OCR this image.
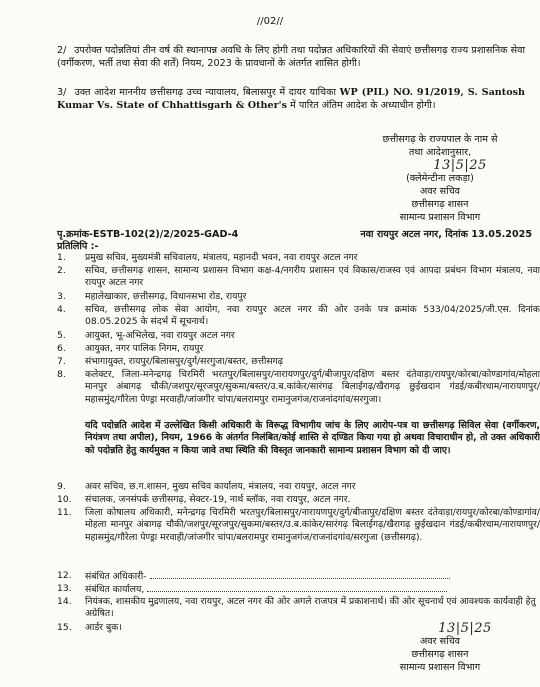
//02//
2/ उपरोक्त पदोन्नतियां तीन वर्ष की स्थानापन्न अवधि के लिए होगी तथा पदोन्नत अधिकारियों की सेवाएं छत्तीसगढ़ राज्य प्रशासनिक सेवा (वर्गीकरण, भर्ती तथा सेवा की शर्तें) नियम, 2023 के प्रावधानों के अंतर्गत शासित होगी।
3/ उक्त आदेश माननीय छत्तीसगढ़ उच्च न्यायालय, बिलासपुर में दायर याचिका WP (PIL) NO. 91/2019, S. Santosh Kumar Vs. State of Chhattisgarh & Other's में पारित अंतिम आदेश के अध्याधीन होगी।
छत्तीसगढ़ के राज्यपाल के नाम से
तथा आदेशानुसार,
13|5|25
(क्लेमेन्टीना लकड़ा)
अवर सचिव
छत्तीसगढ़ शासन
सामान्य प्रशासन विभाग
पृ.क्रमांक-ESTB-102(2)/2/2025-GAD-4	नवा रायपुर अटल नगर, दिनांक 13.05.2025
प्रतिलिपि :-
1.	प्रमुख सचिव, मुख्यमंत्री सचिवालय, मंत्रालय, महानदी भवन, नवा रायपुर अटल नगर
2.	सचिव, छत्तीसगढ़ शासन, सामान्य प्रशासन विभाग कक्ष-4/नगरीय प्रशासन एवं विकास/राजस्व एवं आपदा प्रबंधन विभाग मंत्रालय, नवा रायपुर अटल नगर
3.	महालेखाकार, छत्तीसगढ़, विधानसभा रोड, रायपुर
4.	सचिव, छत्तीसगढ़ लोक सेवा आयोग, नवा रायपुर अटल नगर की ओर उनके पत्र क्रमांक 533/04/2025/जी.एस. दिनांक 08.05.2025 के संदर्भ में सूचनार्थ।
5.	आयुक्त, भू-अभिलेख, नवा रायपुर अटल नगर
6.	आयुक्त, नगर पालिक निगम, रायपुर
7.	संभागायुक्त, रायपुर/बिलासपुर/दुर्ग/सरगुजा/बस्तर, छत्तीसगढ़
8.	कलेक्टर, जिला-मनेन्द्रगढ़ चिरमिरी भरतपुर/बिलासपुर/नारायणपुर/दुर्ग/बीजापुर/दक्षिण बस्तर दंतेवाड़ा/रायपुर/कोरबा/कोण्डागांव/मोहला मानपुर अंबागढ़ चौकी/जशपुर/सूरजपुर/सुकमा/बस्तर/उ.ब.कांकेर/सारंगढ़ बिलाईगढ़/खैरागढ़ छुईखदान गंडई/कबीरधाम/नारायणपुर/महासमुंद/गौरेला पेण्ड्रा मरवाही/जांजगीर चांपा/बलरामपुर रामानुजगंज/राजनांदगांव/सरगुजा।
यदि पदोन्नति आदेश में उल्लेखित किसी अधिकारी के विरूद्ध विभागीय जांच के लिए आरोप-पत्र या छत्तीसगढ़ सिविल सेवा (वर्गीकरण, नियंत्रण तथा अपील), नियम, 1966 के अंतर्गत निलंबित/कोई शास्ति से दण्डित किया गया हो अथवा विचाराधीन हो, तो उक्त अधिकारी को पदोन्नति हेतु कार्यमुक्त न किया जावे तथा स्थिति की विस्तृत जानकारी सामान्य प्रशासन विभाग को दी जाए।
9.	अवर सचिव, छ.ग.शासन, मुख्य सचिव कार्यालय, मंत्रालय, नवा रायपुर, अटल नगर
10.	संचालक, जनसंपर्क छत्तीसगढ़, सेक्टर-19, नार्थ ब्लॉक, नवा रायपुर, अटल नगर.
11.	जिला कोषालय अधिकारी, मनेन्द्रगढ़ चिरमिरी भरतपुर/बिलासपुर/नारायणपुर/दुर्ग/बीजापुर/दक्षिण बस्तर दंतेवाड़ा/रायपुर/कोरबा/कोण्डागांव/मोहला मानपुर अंबागढ़ चौकी/जशपुर/सूरजपुर/सुकमा/बस्तर/उ.ब.कांकेर/सारंगढ़ बिलाईगढ़/खैरागढ़ छुईखदान गंडई/कबीरधाम/नारायणपुर/महासमुंद/गौरेला पेण्ड्रा मरवाही/जांजगीर चांपा/बलरामपुर रामानुजगंज/राजनांदगांव/सरगुजा (छत्तीसगढ़).
12.	संबंधित अधिकारी-
13.	संबंधित कार्यालय,
14.	नियंत्रक, शासकीय मुद्रणालय, नवा रायपुर, अटल नगर की ओर अगले राजपत्र में प्रकाशनार्थ। की ओर सूचनार्थ एवं आवश्यक कार्यवाही हेतु अग्रेषित।
15.	आर्डर बुक।	13|5|25
अवर सचिव
छत्तीसगढ़ शासन
सामान्य प्रशासन विभाग
